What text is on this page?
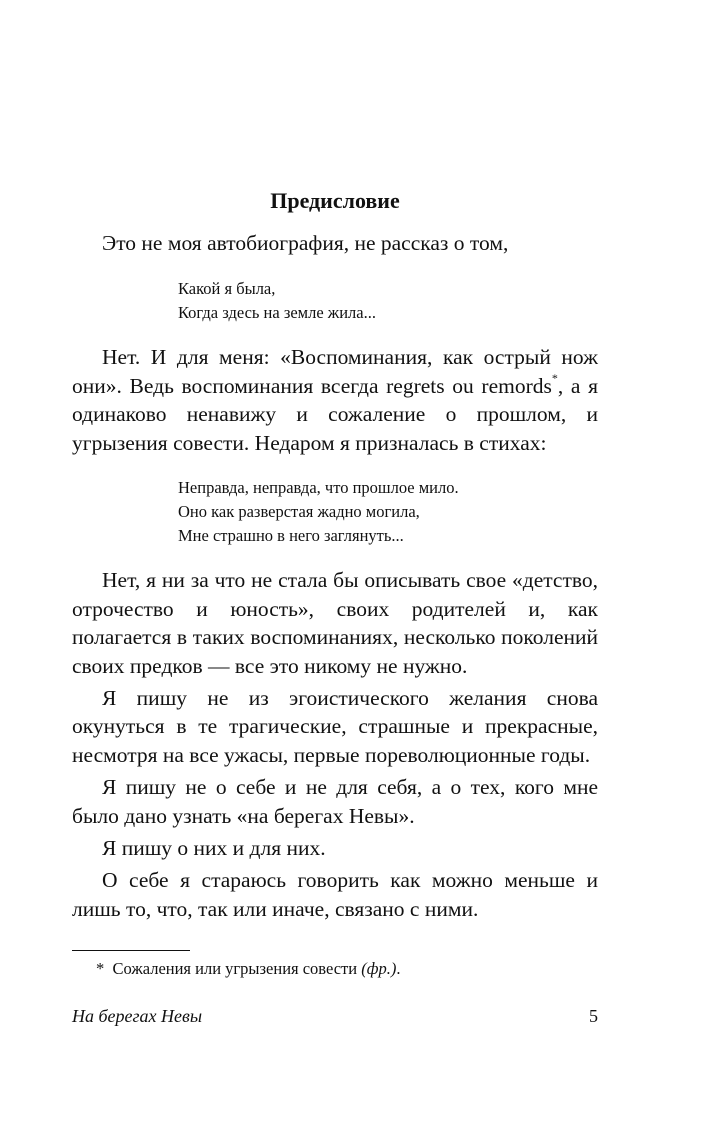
Предисловие

Это не моя автобиография, не рассказ о том,

Какой я была,
Когда здесь на земле жила...

Нет. И для меня: «Воспоминания, как острый нож они». Ведь воспоминания всегда regrets ou remords*, а я одинаково ненавижу и сожаление о прошлом, и угрызения совести. Недаром я призналась в стихах:

Неправда, неправда, что прошлое мило.
Оно как разверстая жадно могила,
Мне страшно в него заглянуть...

Нет, я ни за что не стала бы описывать свое «детство, отрочество и юность», своих родителей и, как полагается в таких воспоминаниях, несколько поколений своих предков — все это никому не нужно.

Я пишу не из эгоистического желания снова окунуться в те трагические, страшные и прекрасные, несмотря на все ужасы, первые пореволюционные годы.

Я пишу не о себе и не для себя, а о тех, кого мне было дано узнать «на берегах Невы».

Я пишу о них и для них.

О себе я стараюсь говорить как можно меньше и лишь то, что, так или иначе, связано с ними.

* Сожаления или угрызения совести (фр.).
На берегах Невы	5
